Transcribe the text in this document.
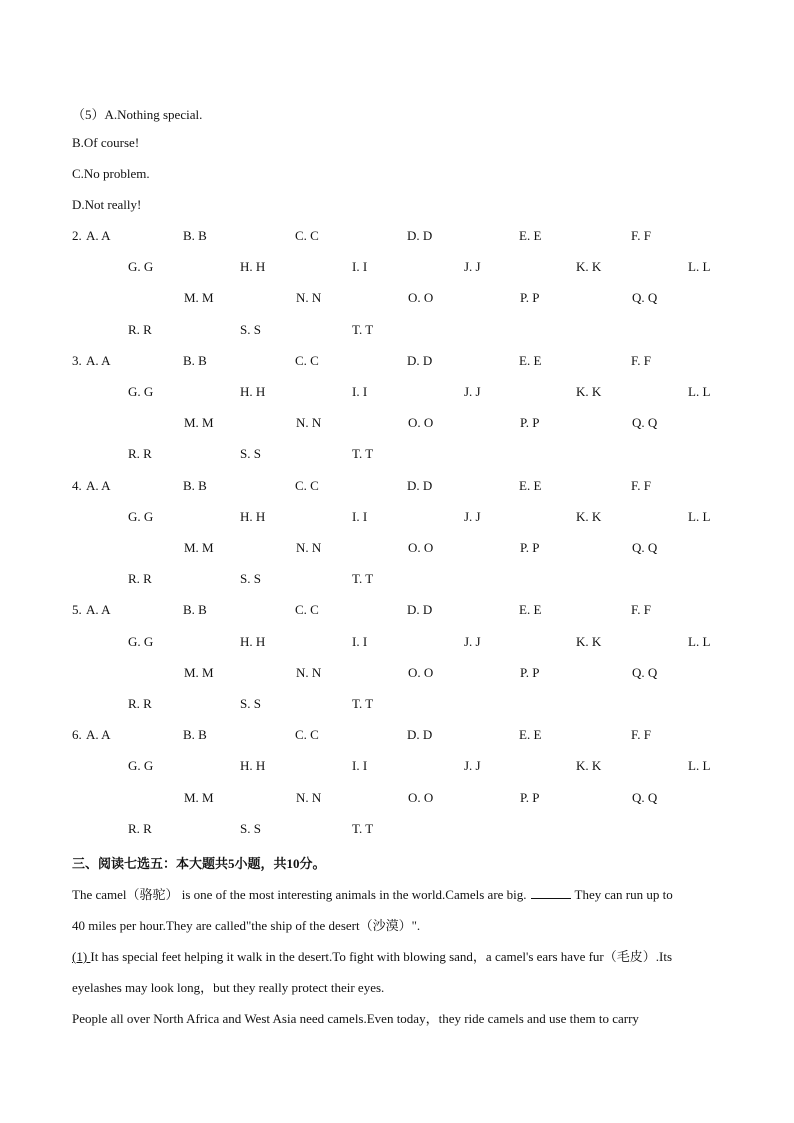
（5）A.Nothing special.
B.Of course!
C.No problem.
D.Not really!
2. A. A	B. B	C. C	D. D	E. E	F. F
G. G	H. H	I. I	J. J	K. K	L. L
M. M	N. N	O. O	P. P	Q. Q
R. R	S. S	T. T
3. A. A	B. B	C. C	D. D	E. E	F. F
G. G	H. H	I. I	J. J	K. K	L. L
M. M	N. N	O. O	P. P	Q. Q
R. R	S. S	T. T
4. A. A	B. B	C. C	D. D	E. E	F. F
G. G	H. H	I. I	J. J	K. K	L. L
M. M	N. N	O. O	P. P	Q. Q
R. R	S. S	T. T
5. A. A	B. B	C. C	D. D	E. E	F. F
G. G	H. H	I. I	J. J	K. K	L. L
M. M	N. N	O. O	P. P	Q. Q
R. R	S. S	T. T
6. A. A	B. B	C. C	D. D	E. E	F. F
G. G	H. H	I. I	J. J	K. K	L. L
M. M	N. N	O. O	P. P	Q. Q
R. R	S. S	T. T
三、阅读七选五：本大题共5小题，共10分。
The camel（骆驼） is one of the most interesting animals in the world.Camels are big.	They can run up to
40 miles per hour.They are called"the ship of the desert（沙漠）".
(1) It has special feet helping it walk in the desert.To fight with blowing sand，a camel's ears have fur（毛皮）.Its
eyelashes may look long，but they really protect their eyes.
People all over North Africa and West Asia need camels.Even today，they ride camels and use them to carry
